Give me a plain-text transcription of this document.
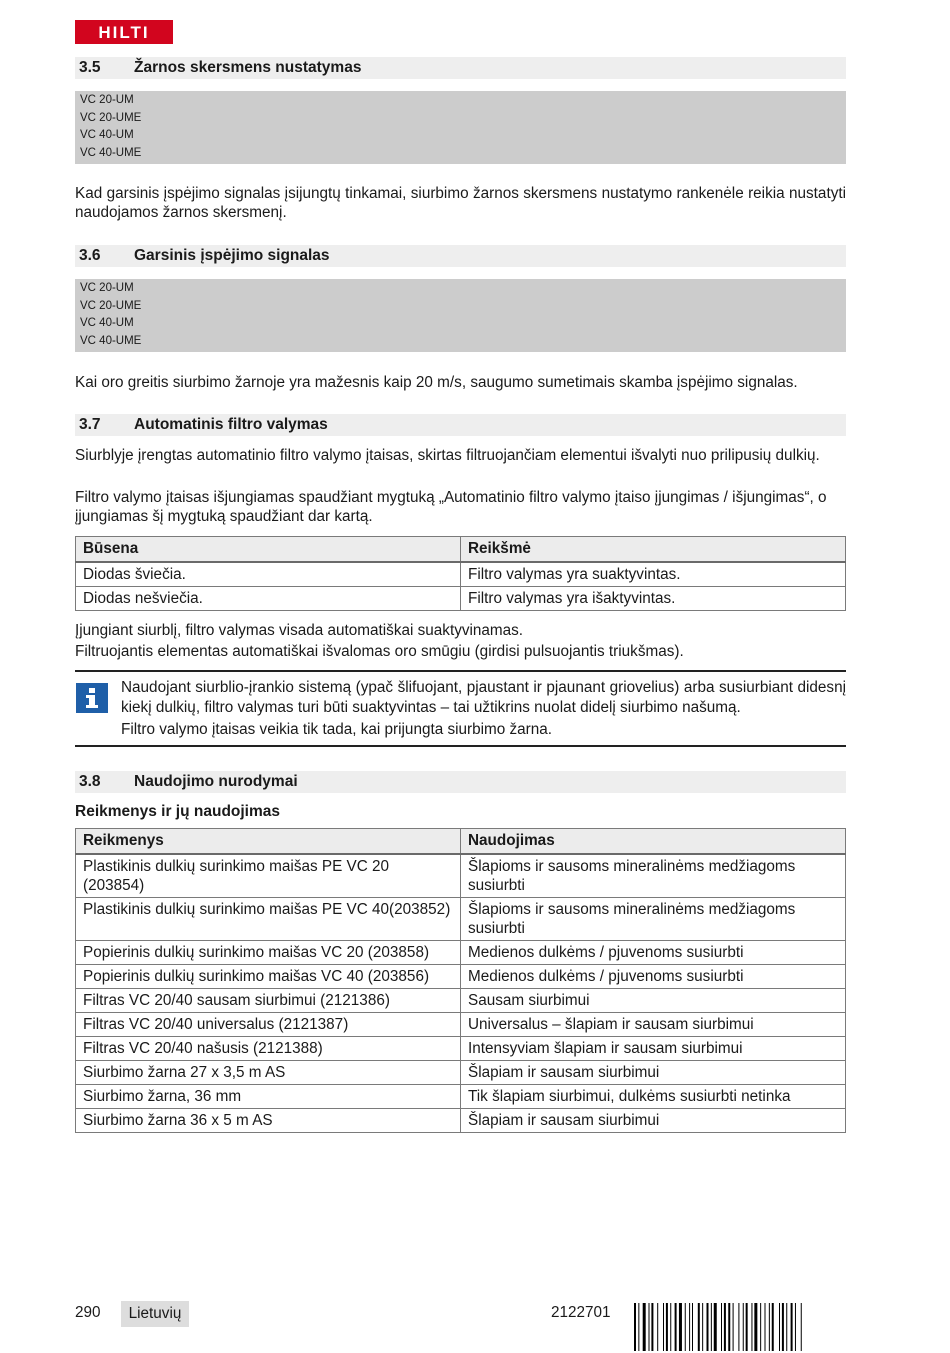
HILTI
3.5 Žarnos skersmens nustatymas
VC 20-UM
VC 20-UME
VC 40-UM
VC 40-UME

Kad garsinis įspėjimo signalas įsijungtų tinkamai, siurbimo žarnos skersmens nustatymo rankenėle reikia nustatyti naudojamos žarnos skersmenį.

3.6 Garsinis įspėjimo signalas
VC 20-UM
VC 20-UME
VC 40-UM
VC 40-UME

Kai oro greitis siurbimo žarnoje yra mažesnis kaip 20 m/s, saugumo sumetimais skamba įspėjimo signalas.

3.7 Automatinis filtro valymas

Siurblyje įrengtas automatinio filtro valymo įtaisas, skirtas filtruojančiam elementui išvalyti nuo prilipusių dulkių.

Filtro valymo įtaisas išjungiamas spaudžiant mygtuką „Automatinio filtro valymo įtaiso įjungimas / išjungimas“, o įjungiamas šį mygtuką spaudžiant dar kartą.

Būsena	Reikšmė
Diodas šviečia.	Filtro valymas yra suaktyvintas.
Diodas nešviečia.	Filtro valymas yra išaktyvintas.

Įjungiant siurblį, filtro valymas visada automatiškai suaktyvinamas.

Filtruojantis elementas automatiškai išvalomas oro smūgiu (girdisi pulsuojantis triukšmas).

Naudojant siurblio-įrankio sistemą (ypač šlifuojant, pjaustant ir pjaunant griovelius) arba susiurbiant didesnį kiekį dulkių, filtro valymas turi būti suaktyvintas – tai užtikrins nuolat didelį siurbimo našumą.

Filtro valymo įtaisas veikia tik tada, kai prijungta siurbimo žarna.

3.8 Naudojimo nurodymai
Reikmenys ir jų naudojimas
Reikmenys	Naudojimas
Plastikinis dulkių surinkimo maišas PE VC 20 (203854)	Šlapioms ir sausoms mineralinėms medžiagoms susiurbti
Plastikinis dulkių surinkimo maišas PE VC 40(203852)	Šlapioms ir sausoms mineralinėms medžiagoms susiurbti
Popierinis dulkių surinkimo maišas VC 20 (203858)	Medienos dulkėms / pjuvenoms susiurbti
Popierinis dulkių surinkimo maišas VC 40 (203856)	Medienos dulkėms / pjuvenoms susiurbti
Filtras VC 20/40 sausam siurbimui (2121386)	Sausam siurbimui
Filtras VC 20/40 universalus (2121387)	Universalus – šlapiam ir sausam siurbimui
Filtras VC 20/40 našusis (2121388)	Intensyviam šlapiam ir sausam siurbimui
Siurbimo žarna 27 x 3,5 m AS	Šlapiam ir sausam siurbimui
Siurbimo žarna, 36 mm	Tik šlapiam siurbimui, dulkėms susiurbti netinka
Siurbimo žarna 36 x 5 m AS	Šlapiam ir sausam siurbimui
290	Lietuvių	2122701
